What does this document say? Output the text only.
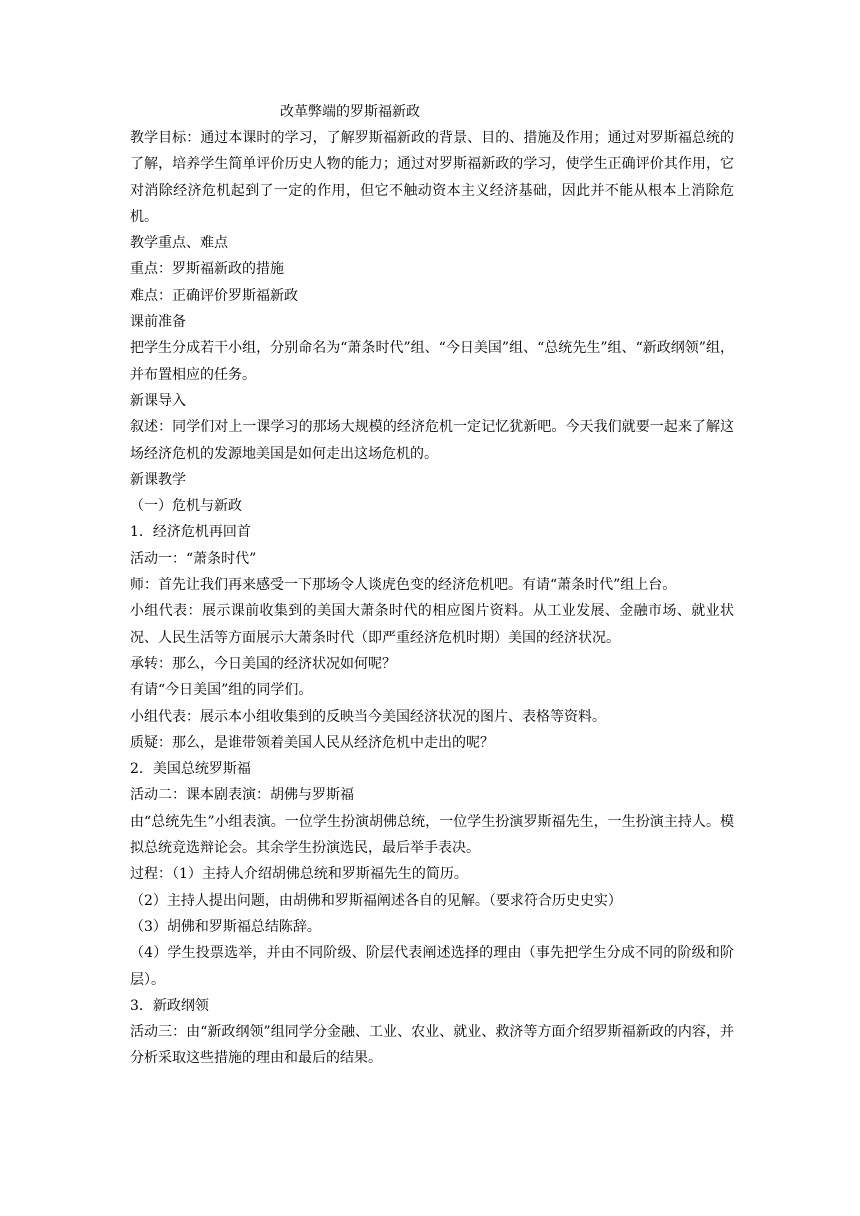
改革弊端的罗斯福新政

教学目标：通过本课时的学习，了解罗斯福新政的背景、目的、措施及作用；通过对罗斯福总统的了解，培养学生简单评价历史人物的能力；通过对罗斯福新政的学习，使学生正确评价其作用，它对消除经济危机起到了一定的作用，但它不触动资本主义经济基础，因此并不能从根本上消除危机。

教学重点、难点

重点：罗斯福新政的措施

难点：正确评价罗斯福新政

课前准备

把学生分成若干小组，分别命名为“萧条时代”组、“今日美国”组、“总统先生”组、“新政纲领”组，并布置相应的任务。

新课导入

叙述：同学们对上一课学习的那场大规模的经济危机一定记忆犹新吧。今天我们就要一起来了解这场经济危机的发源地美国是如何走出这场危机的。

新课教学

（一）危机与新政

1．经济危机再回首

活动一：“萧条时代”

师：首先让我们再来感受一下那场令人谈虎色变的经济危机吧。有请“萧条时代”组上台。

小组代表：展示课前收集到的美国大萧条时代的相应图片资料。从工业发展、金融市场、就业状况、人民生活等方面展示大萧条时代（即严重经济危机时期）美国的经济状况。

承转：那么，今日美国的经济状况如何呢？

有请“今日美国”组的同学们。

小组代表：展示本小组收集到的反映当今美国经济状况的图片、表格等资料。

质疑：那么，是谁带领着美国人民从经济危机中走出的呢？

2．美国总统罗斯福

活动二：课本剧表演：胡佛与罗斯福

由“总统先生”小组表演。一位学生扮演胡佛总统，一位学生扮演罗斯福先生，一生扮演主持人。模拟总统竞选辩论会。其余学生扮演选民，最后举手表决。

过程：（1）主持人介绍胡佛总统和罗斯福先生的简历。

（2）主持人提出问题，由胡佛和罗斯福阐述各自的见解。（要求符合历史史实）

（3）胡佛和罗斯福总结陈辞。

（4）学生投票选举，并由不同阶级、阶层代表阐述选择的理由（事先把学生分成不同的阶级和阶层）。

3．新政纲领

活动三：由“新政纲领”组同学分金融、工业、农业、就业、救济等方面介绍罗斯福新政的内容，并分析采取这些措施的理由和最后的结果。
